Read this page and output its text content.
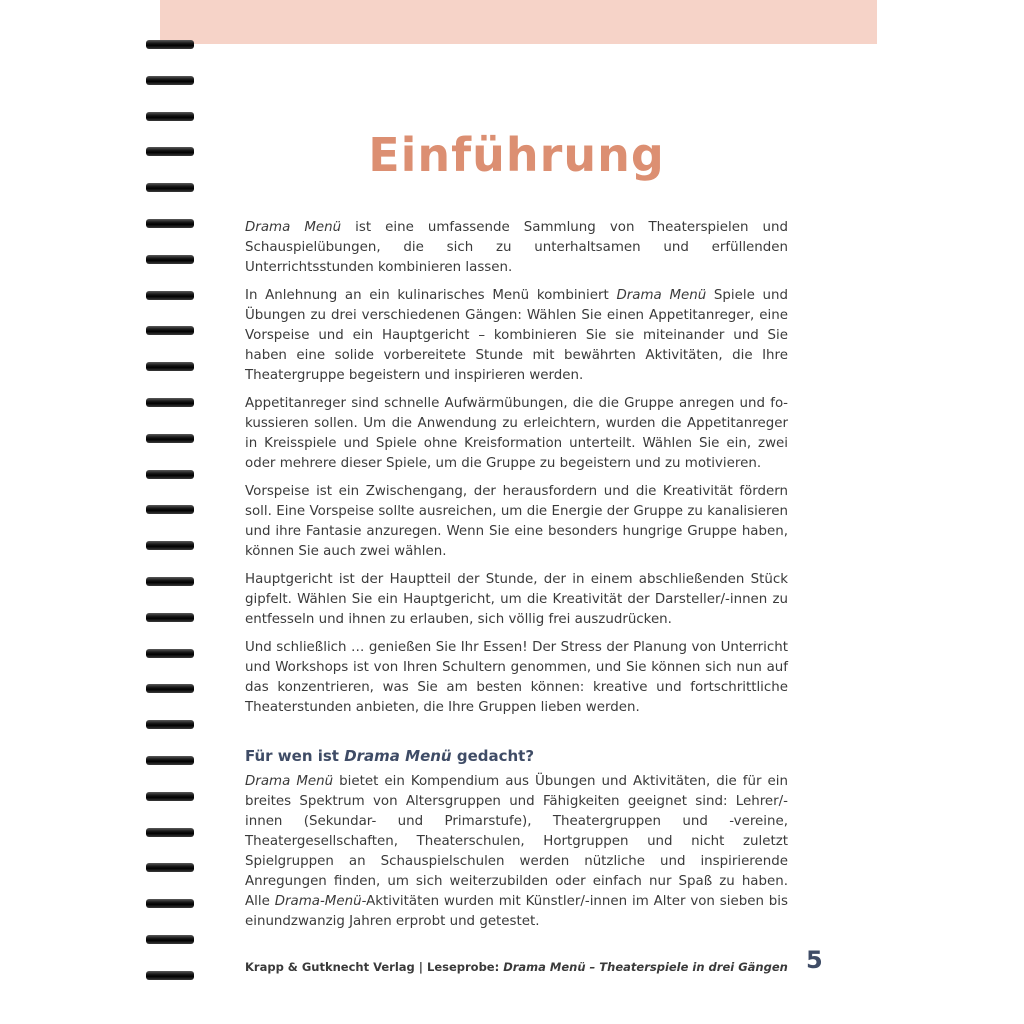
Einführung

Drama Menü ist eine umfassende Sammlung von Theaterspielen und Schauspielübungen, die sich zu unterhaltsamen und erfüllenden Unterrichtsstunden kombinieren lassen.

In Anlehnung an ein kulinarisches Menü kombiniert Drama Menü Spiele und Übungen zu drei verschiedenen Gängen: Wählen Sie einen Appetitanreger, eine Vorspeise und ein Hauptgericht – kombinieren Sie sie miteinander und Sie haben eine solide vorbereitete Stunde mit bewährten Aktivitäten, die Ihre Theatergruppe begeistern und inspirieren werden.

Appetitanreger sind schnelle Aufwärmübungen, die die Gruppe anregen und fokussieren sollen. Um die Anwendung zu erleichtern, wurden die Appetitanreger in Kreisspiele und Spiele ohne Kreisformation unterteilt. Wählen Sie ein, zwei oder mehrere dieser Spiele, um die Gruppe zu begeistern und zu motivieren.

Vorspeise ist ein Zwischengang, der herausfordern und die Kreativität fördern soll. Eine Vorspeise sollte ausreichen, um die Energie der Gruppe zu kanalisieren und ihre Fantasie anzuregen. Wenn Sie eine besonders hungrige Gruppe haben, können Sie auch zwei wählen.

Hauptgericht ist der Hauptteil der Stunde, der in einem abschließenden Stück gipfelt. Wählen Sie ein Hauptgericht, um die Kreativität der Darsteller/-innen zu entfesseln und ihnen zu erlauben, sich völlig frei auszudrücken.

Und schließlich … genießen Sie Ihr Essen! Der Stress der Planung von Unterricht und Workshops ist von Ihren Schultern genommen, und Sie können sich nun auf das konzentrieren, was Sie am besten können: kreative und fortschrittliche Theaterstunden anbieten, die Ihre Gruppen lieben werden.

Für wen ist Drama Menü gedacht?

Drama Menü bietet ein Kompendium aus Übungen und Aktivitäten, die für ein breites Spektrum von Altersgruppen und Fähigkeiten geeignet sind: Lehrer/-innen (Sekundar- und Primarstufe), Theatergruppen und -vereine, Theatergesellschaften, Theaterschulen, Hortgruppen und nicht zuletzt Spielgruppen an Schauspielschulen werden nützliche und inspirierende Anregungen finden, um sich weiterzubilden oder einfach nur Spaß zu haben. Alle Drama-Menü-Aktivitäten wurden mit Künstler/-innen im Alter von sieben bis einundzwanzig Jahren erprobt und getestet.

Krapp & Gutknecht Verlag | Leseprobe: Drama Menü – Theaterspiele in drei Gängen 5
